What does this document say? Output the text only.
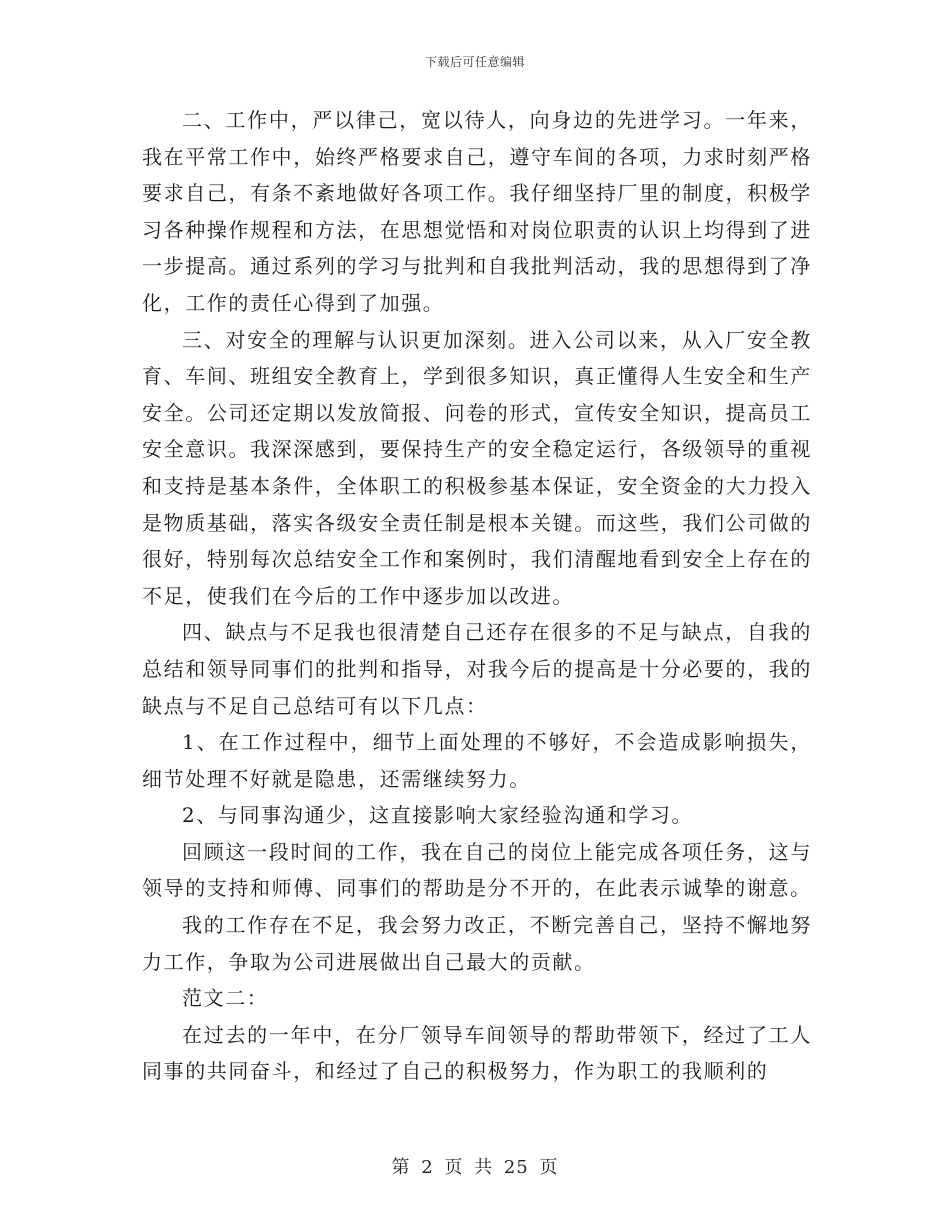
下载后可任意编辑

二、工作中，严以律己，宽以待人，向身边的先进学习。一年来，我在平常工作中，始终严格要求自己，遵守车间的各项，力求时刻严格要求自己，有条不紊地做好各项工作。我仔细坚持厂里的制度，积极学习各种操作规程和方法，在思想觉悟和对岗位职责的认识上均得到了进一步提高。通过系列的学习与批判和自我批判活动，我的思想得到了净化，工作的责任心得到了加强。

三、对安全的理解与认识更加深刻。进入公司以来，从入厂安全教育、车间、班组安全教育上，学到很多知识，真正懂得人生安全和生产安全。公司还定期以发放简报、问卷的形式，宣传安全知识，提高员工安全意识。我深深感到，要保持生产的安全稳定运行，各级领导的重视和支持是基本条件，全体职工的积极参基本保证，安全资金的大力投入是物质基础，落实各级安全责任制是根本关键。而这些，我们公司做的很好，特别每次总结安全工作和案例时，我们清醒地看到安全上存在的不足，使我们在今后的工作中逐步加以改进。

四、缺点与不足我也很清楚自己还存在很多的不足与缺点，自我的总结和领导同事们的批判和指导，对我今后的提高是十分必要的，我的缺点与不足自己总结可有以下几点：

1、在工作过程中，细节上面处理的不够好，不会造成影响损失，细节处理不好就是隐患，还需继续努力。

2、与同事沟通少，这直接影响大家经验沟通和学习。

回顾这一段时间的工作，我在自己的岗位上能完成各项任务，这与领导的支持和师傅、同事们的帮助是分不开的，在此表示诚挚的谢意。

我的工作存在不足，我会努力改正，不断完善自己，坚持不懈地努力工作，争取为公司进展做出自己最大的贡献。

范文二：

在过去的一年中，在分厂领导车间领导的帮助带领下，经过了工人同事的共同奋斗，和经过了自己的积极努力，作为职工的我顺利的

第 2 页 共 25 页
